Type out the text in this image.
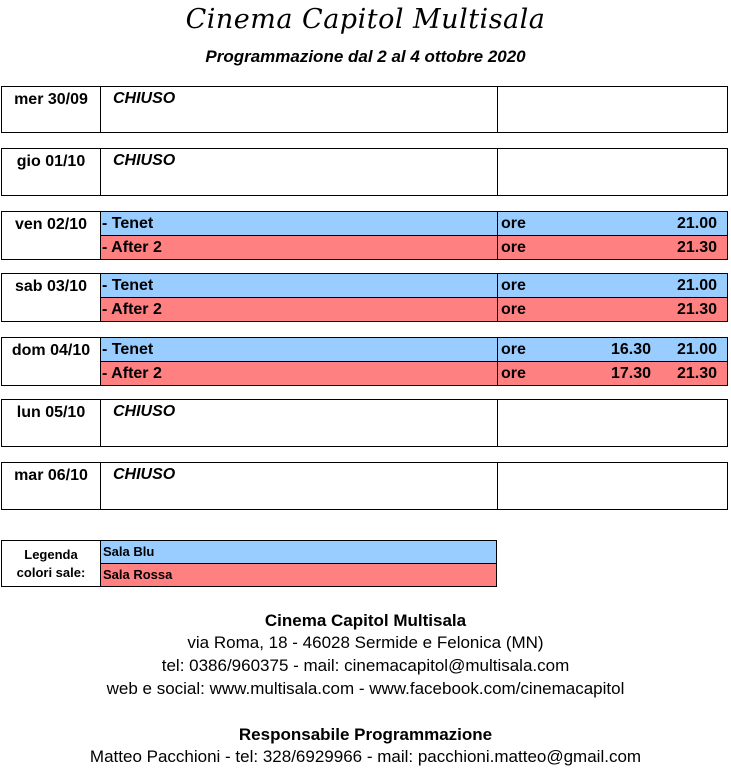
Cinema Capitol Multisala
Programmazione dal 2 al 4 ottobre 2020
mer 30/09	CHIUSO
gio 01/10	CHIUSO
ven 02/10 - Tenet	ore	21.00
- After 2	ore	21.30
sab 03/10 - Tenet	ore	21.00
- After 2	ore	21.30
dom 04/10 - Tenet	ore	16.30 21.00
- After 2	ore	17.30 21.30
lun 05/10	CHIUSO
mar 06/10	CHIUSO
Legenda
colori sale:
Sala Blu
Sala Rossa
Cinema Capitol Multisala
via Roma, 18 - 46028 Sermide e Felonica (MN)
tel: 0386/960375 - mail: cinemacapitol@multisala.com
web e social: www.multisala.com - www.facebook.com/cinemacapitol
Responsabile Programmazione
Matteo Pacchioni - tel: 328/6929966 - mail: pacchioni.matteo@gmail.com
